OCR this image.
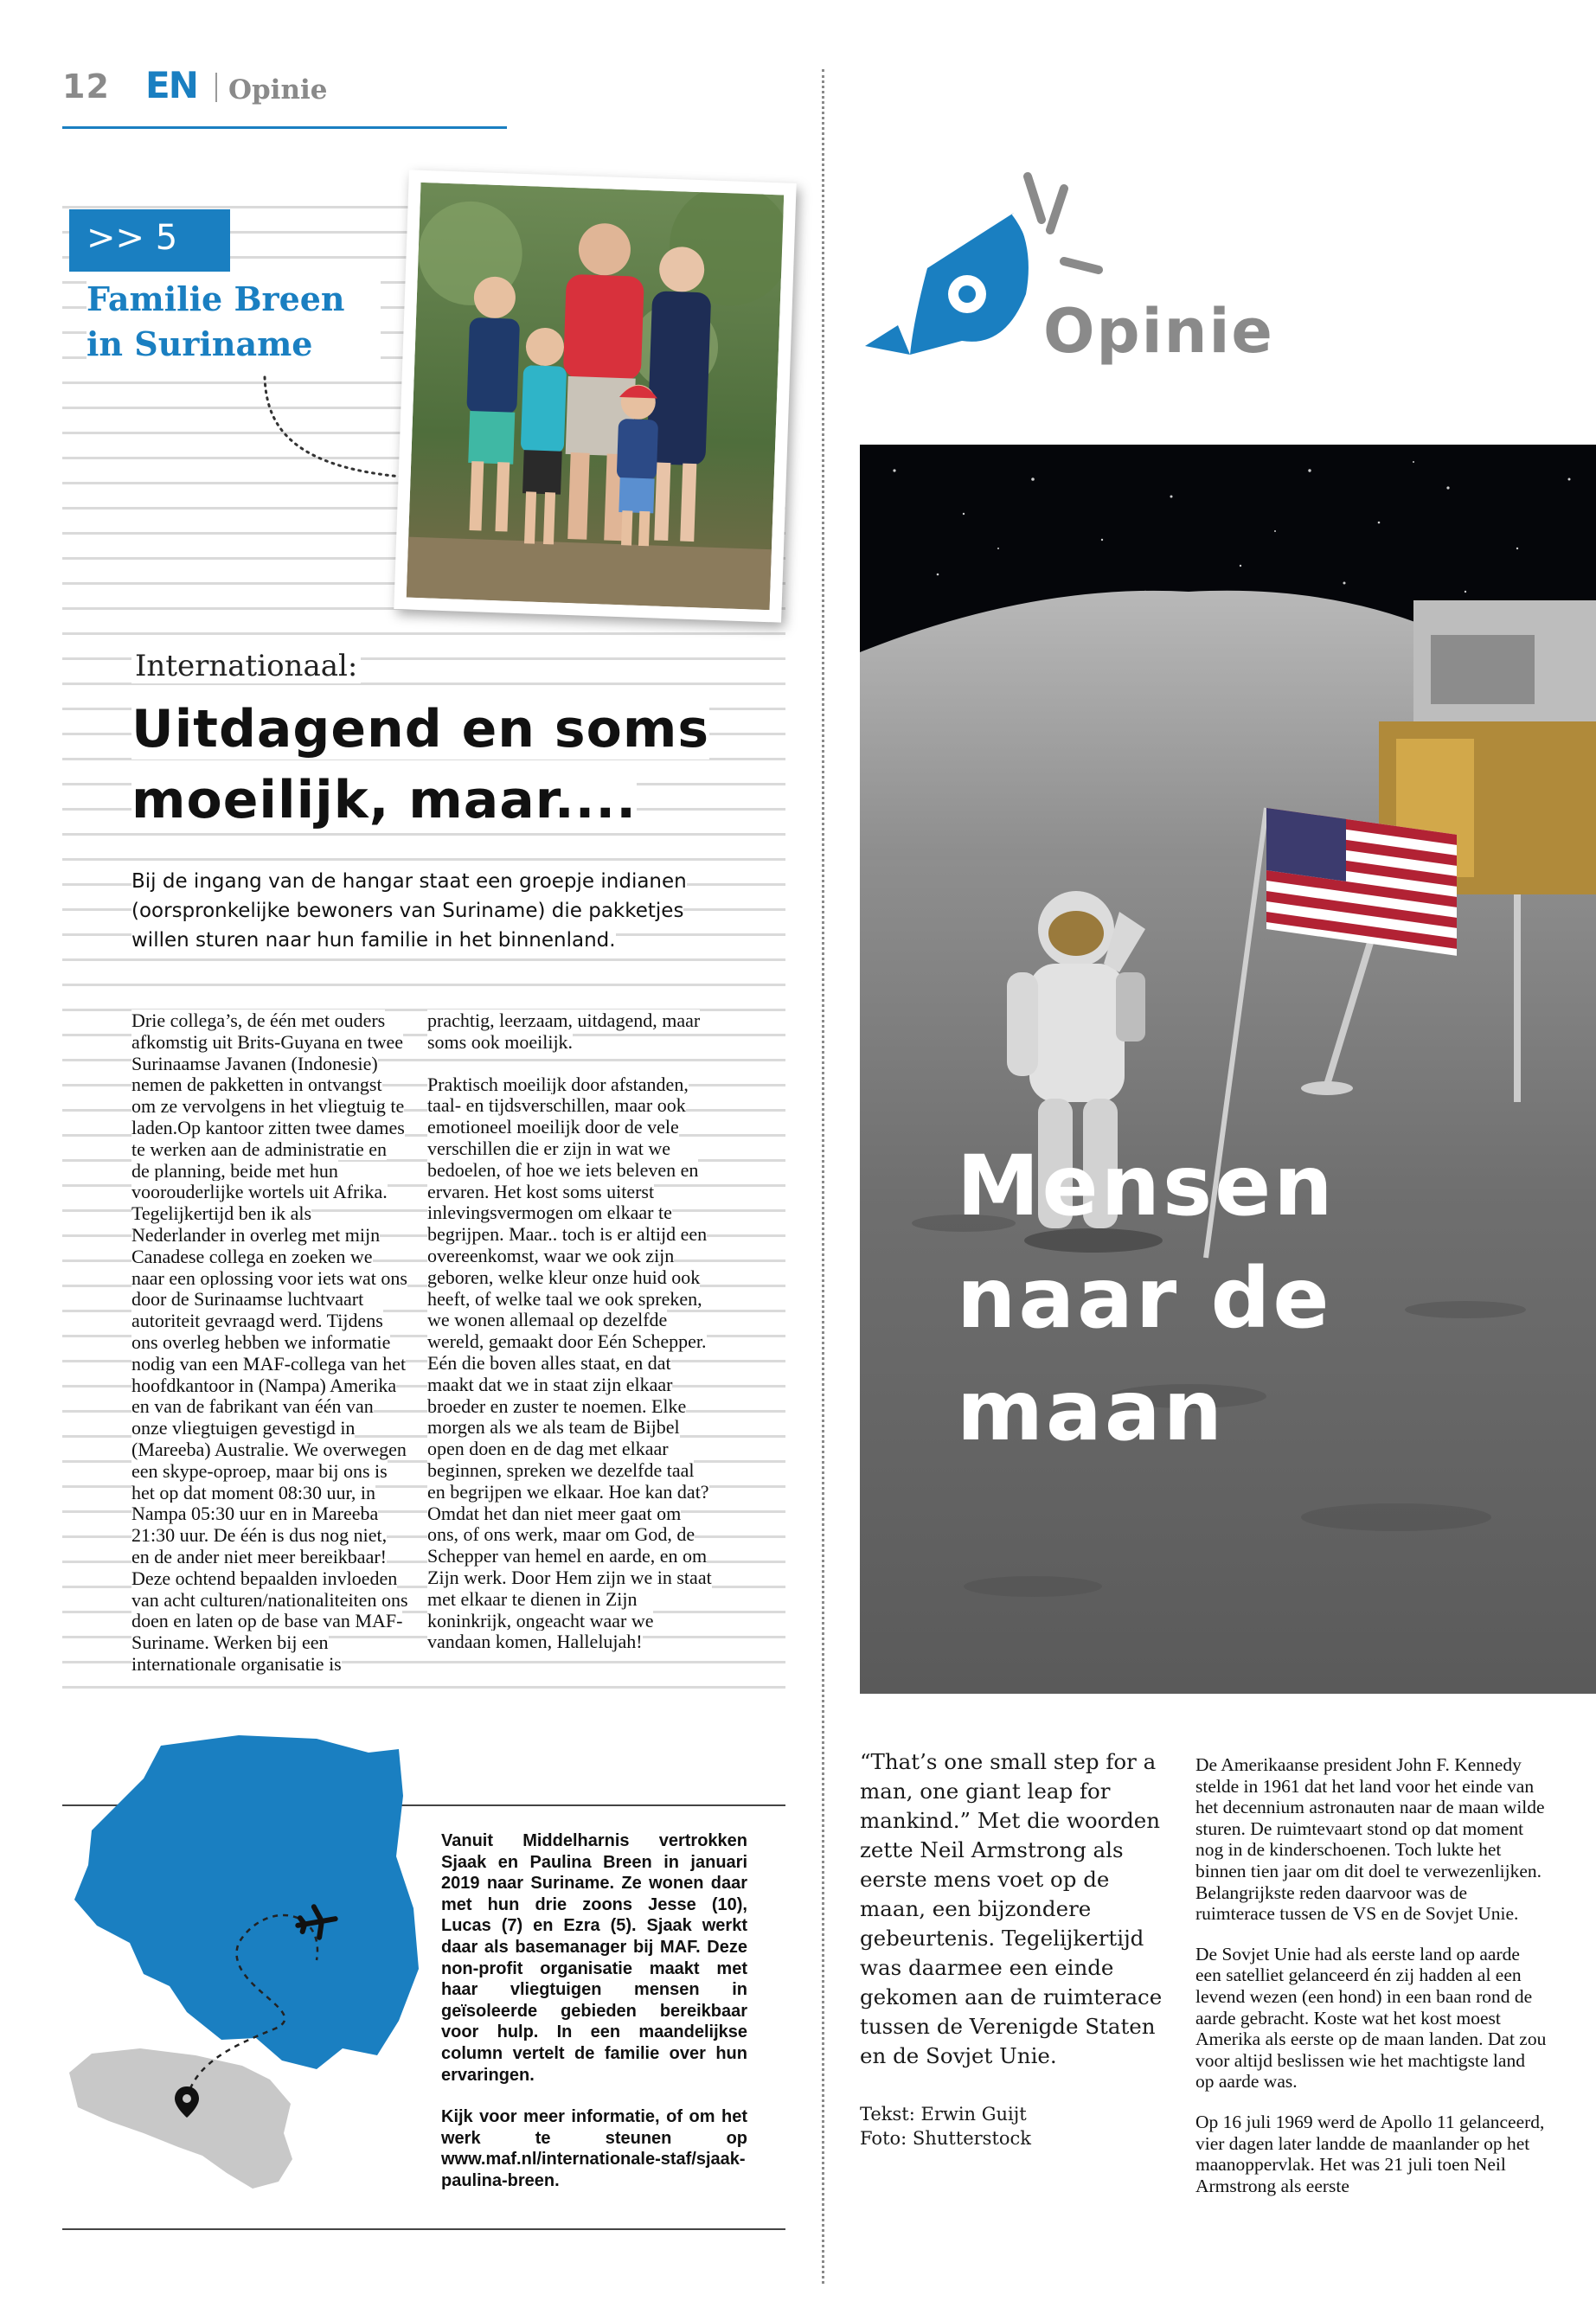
12 EN Opinie
>> 5
Familie Breen in Suriname
Internationaal:
Uitdagend en soms moeilijk, maar....
Bij de ingang van de hangar staat een groepje indianen (oorspronkelijke bewoners van Suriname) die pakketjes willen sturen naar hun familie in het binnenland.

Drie collega’s, de één met ouders afkomstig uit Brits-Guyana en twee Surinaamse Javanen (Indonesie) nemen de pakketten in ontvangst om ze vervolgens in het vliegtuig te laden.Op kantoor zitten twee dames te werken aan de administratie en de planning, beide met hun voorouderlijke wortels uit Afrika. Tegelijkertijd ben ik als Nederlander in overleg met mijn Canadese collega en zoeken we naar een oplossing voor iets wat ons door de Surinaamse luchtvaart autoriteit gevraagd werd. Tijdens ons overleg hebben we informatie nodig van een MAF-collega van het hoofdkantoor in (Nampa) Amerika en van de fabrikant van één van onze vliegtuigen gevestigd in (Mareeba) Australie. We overwegen een skype-oproep, maar bij ons is het op dat moment 08:30 uur, in Nampa 05:30 uur en in Mareeba 21:30 uur. De één is dus nog niet, en de ander niet meer bereikbaar! Deze ochtend bepaalden invloeden van acht culturen/nationaliteiten ons doen en laten op de base van MAF-Suriname. Werken bij een internationale organisatie is

prachtig, leerzaam, uitdagend, maar soms ook moeilijk.

Praktisch moeilijk door afstanden, taal- en tijdsverschillen, maar ook emotioneel moeilijk door de vele verschillen die er zijn in wat we bedoelen, of hoe we iets beleven en ervaren. Het kost soms uiterst inlevingsvermogen om elkaar te begrijpen. Maar.. toch is er altijd een overeenkomst, waar we ook zijn geboren, welke kleur onze huid ook heeft, of welke taal we ook spreken, we wonen allemaal op dezelfde wereld, gemaakt door Eén Schepper. Eén die boven alles staat, en dat maakt dat we in staat zijn elkaar broeder en zuster te noemen. Elke morgen als we als team de Bijbel open doen en de dag met elkaar beginnen, spreken we dezelfde taal en begrijpen we elkaar. Hoe kan dat? Omdat het dan niet meer gaat om ons, of ons werk, maar om God, de Schepper van hemel en aarde, en om Zijn werk. Door Hem zijn we in staat met elkaar te dienen in Zijn koninkrijk, ongeacht waar we vandaan komen, Hallelujah!

Vanuit Middelharnis vertrokken Sjaak en Paulina Breen in januari 2019 naar Suriname. Ze wonen daar met hun drie zoons Jesse (10), Lucas (7) en Ezra (5). Sjaak werkt daar als basemanager bij MAF. Deze non-profit organisatie maakt met haar vliegtuigen mensen in geïsoleerde gebieden bereikbaar voor hulp. In een maandelijkse column vertelt de familie over hun ervaringen.

Kijk voor meer informatie, of om het werk te steunen op www.maf.nl/internationale-staf/sjaak-paulina-breen.

Opinie
Mensen naar de maan
“That’s one small step for a man, one giant leap for mankind.” Met die woorden zette Neil Armstrong als eerste mens voet op de maan, een bijzondere gebeurtenis. Tegelijkertijd was daarmee een einde gekomen aan de ruimterace tussen de Verenigde Staten en de Sovjet Unie.
Tekst: Erwin Guijt
Foto: Shutterstock

De Amerikaanse president John F. Kennedy stelde in 1961 dat het land voor het einde van het decennium astronauten naar de maan wilde sturen. De ruimtevaart stond op dat moment nog in de kinderschoenen. Toch lukte het binnen tien jaar om dit doel te verwezenlijken. Belangrijkste reden daarvoor was de ruimterace tussen de VS en de Sovjet Unie.

De Sovjet Unie had als eerste land op aarde een satelliet gelanceerd én zij hadden al een levend wezen (een hond) in een baan rond de aarde gebracht. Koste wat het kost moest Amerika als eerste op de maan landen. Dat zou voor altijd beslissen wie het machtigste land op aarde was.

Op 16 juli 1969 werd de Apollo 11 gelanceerd, vier dagen later landde de maanlander op het maanoppervlak. Het was 21 juli toen Neil Armstrong als eerste
